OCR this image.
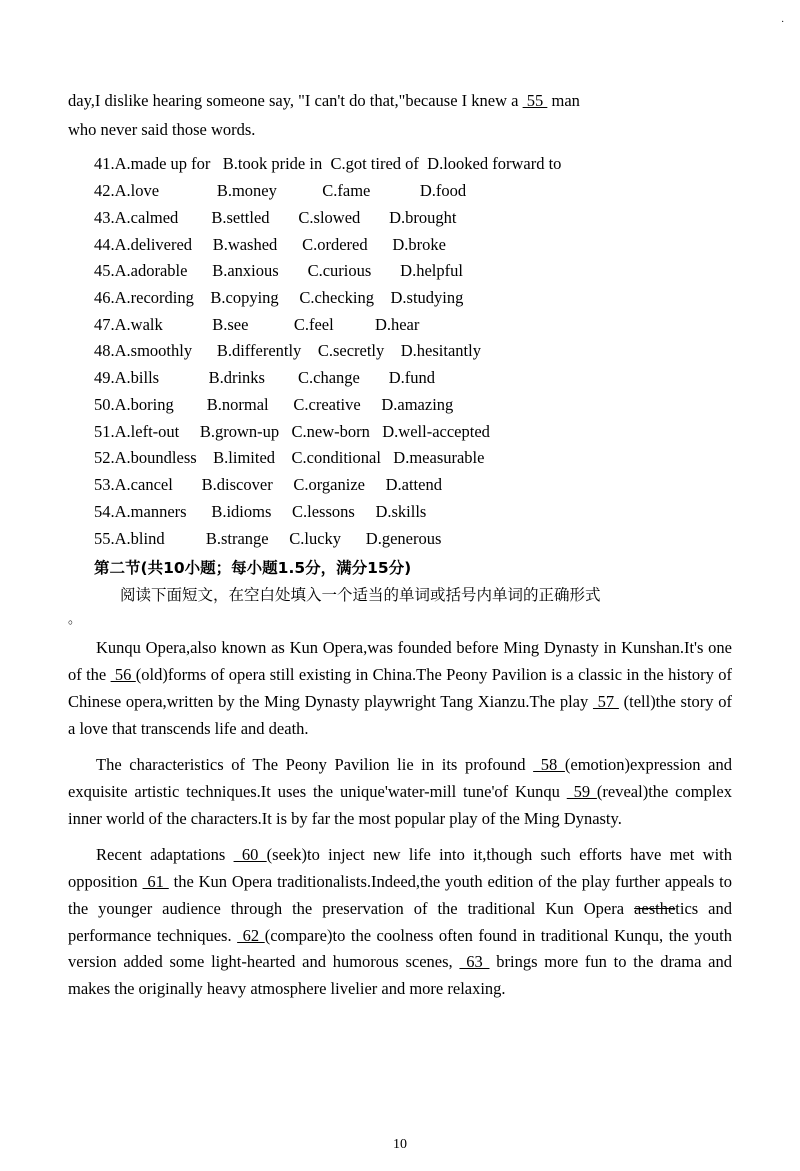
.
day,I dislike hearing someone say, "I can't do that,"because I knew a  55  man
who never said those words.
41.A.made up for B.took pride in C.got tired of D.looked forward to
42.A.love	B.money	C.fame	D.food
43.A.calmed B.settled C.slowed D.brought
44.A.delivered B.washed C.ordered D.broke
45.A.adorable B.anxious C.curious D.helpful
46.A.recording B.copying C.checking D.studying
47.A.walk	B.see	C.feel	D.hear
48.A.smoothly B.differently C.secretly D.hesitantly
49.A.bills	B.drinks C.change D.fund
50.A.boring B.normal C.creative D.amazing
51.A.left-out B.grown-up C.new-born D.well-accepted
52.A.boundless B.limited C.conditional D.measurable
53.A.cancel B.discover C.organize D.attend
54.A.manners B.idioms C.lessons D.skills
55.A.blind	B.strange C.lucky D.generous
第二节(共10小题；每小题1.5分，满分15分)
阅读下面短文，在空白处填入一个适当的单词或括号内单词的正确形式
。
Kunqu Opera,also known as Kun Opera,was founded before Ming Dynasty in Kunshan.It's one of the  56 (old)forms of opera still existing in China.The Peony Pavilion is a classic in the history of Chinese opera,written by the Ming Dynasty playwright Tang Xianzu.The play  57  (tell)the story of a love that transcends life and death.
The characteristics of The Peony Pavilion lie in its profound  58 (emotion)expression and exquisite artistic techniques.It uses the unique'water-mill tune'of Kunqu  59 (reveal)the complex inner world of the characters.It is by far the most popular play of the Ming Dynasty.
Recent adaptations  60 (seek)to inject new life into it,though such efforts have met with opposition  61  the Kun Opera traditionalists.Indeed,the youth edition of the play further appeals to the younger audience through the preservation of the traditional Kun Opera aesthetics and performance techniques.  62 (compare)to the coolness often found in traditional Kunqu, the youth version added some light-hearted and humorous scenes,  63  brings more fun to the drama and makes the originally heavy atmosphere livelier and more relaxing.
10
